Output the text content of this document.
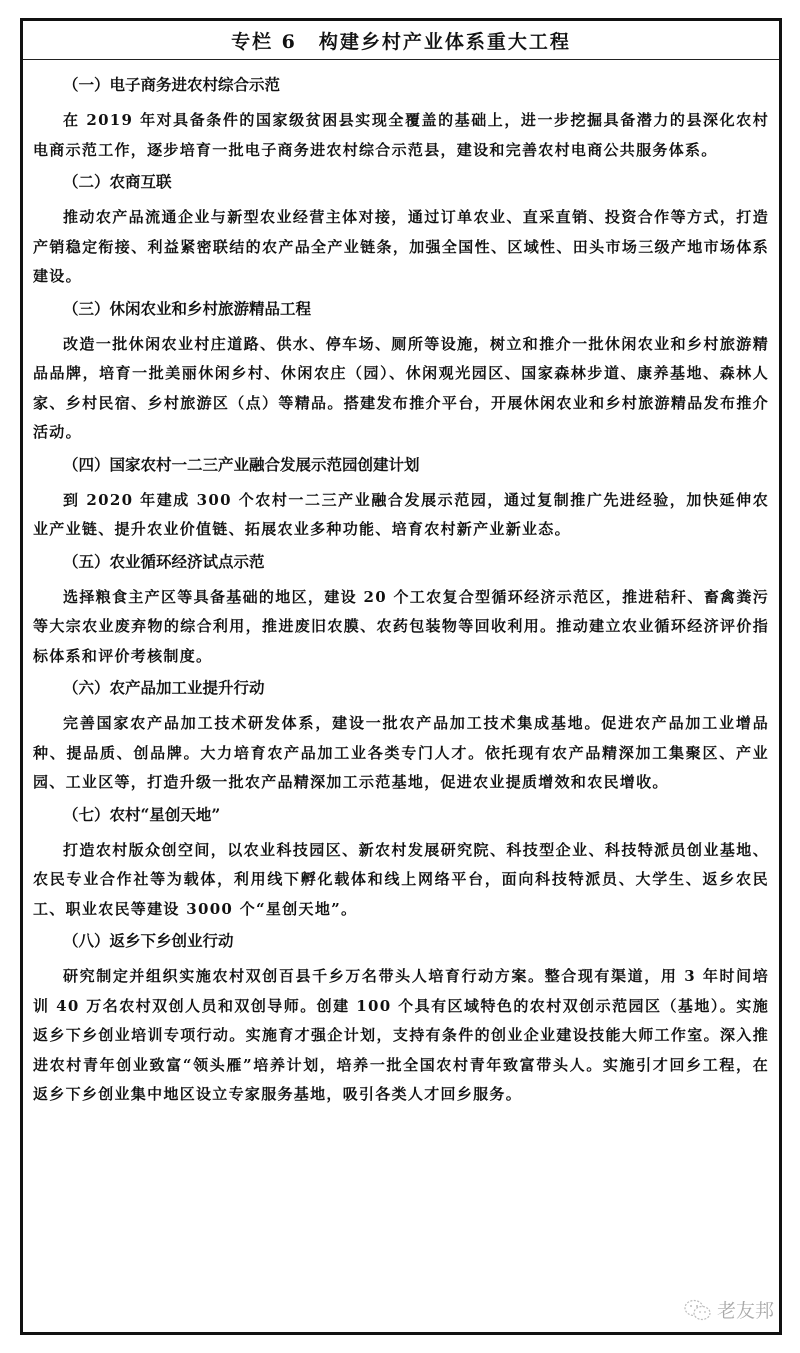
专栏 6 构建乡村产业体系重大工程
（一）电子商务进农村综合示范

在 2019 年对具备条件的国家级贫困县实现全覆盖的基础上，进一步挖掘具备潜力的县深化农村电商示范工作，逐步培育一批电子商务进农村综合示范县，建设和完善农村电商公共服务体系。

（二）农商互联

推动农产品流通企业与新型农业经营主体对接，通过订单农业、直采直销、投资合作等方式，打造产销稳定衔接、利益紧密联结的农产品全产业链条，加强全国性、区域性、田头市场三级产地市场体系建设。

（三）休闲农业和乡村旅游精品工程

改造一批休闲农业村庄道路、供水、停车场、厕所等设施，树立和推介一批休闲农业和乡村旅游精品品牌，培育一批美丽休闲乡村、休闲农庄（园）、休闲观光园区、国家森林步道、康养基地、森林人家、乡村民宿、乡村旅游区（点）等精品。搭建发布推介平台，开展休闲农业和乡村旅游精品发布推介活动。

（四）国家农村一二三产业融合发展示范园创建计划

到 2020 年建成 300 个农村一二三产业融合发展示范园，通过复制推广先进经验，加快延伸农业产业链、提升农业价值链、拓展农业多种功能、培育农村新产业新业态。

（五）农业循环经济试点示范

选择粮食主产区等具备基础的地区，建设 20 个工农复合型循环经济示范区，推进秸秆、畜禽粪污等大宗农业废弃物的综合利用，推进废旧农膜、农药包装物等回收利用。推动建立农业循环经济评价指标体系和评价考核制度。

（六）农产品加工业提升行动

完善国家农产品加工技术研发体系，建设一批农产品加工技术集成基地。促进农产品加工业增品种、提品质、创品牌。大力培育农产品加工业各类专门人才。依托现有农产品精深加工集聚区、产业园、工业区等，打造升级一批农产品精深加工示范基地，促进农业提质增效和农民增收。

（七）农村“星创天地”

打造农村版众创空间，以农业科技园区、新农村发展研究院、科技型企业、科技特派员创业基地、农民专业合作社等为载体，利用线下孵化载体和线上网络平台，面向科技特派员、大学生、返乡农民工、职业农民等建设 3000 个“星创天地”。

（八）返乡下乡创业行动

研究制定并组织实施农村双创百县千乡万名带头人培育行动方案。整合现有渠道，用 3 年时间培训 40 万名农村双创人员和双创导师。创建 100 个具有区域特色的农村双创示范园区（基地）。实施返乡下乡创业培训专项行动。实施育才强企计划，支持有条件的创业企业建设技能大师工作室。深入推进农村青年创业致富“领头雁”培养计划，培养一批全国农村青年致富带头人。实施引才回乡工程，在返乡下乡创业集中地区设立专家服务基地，吸引各类人才回乡服务。

老友邦
